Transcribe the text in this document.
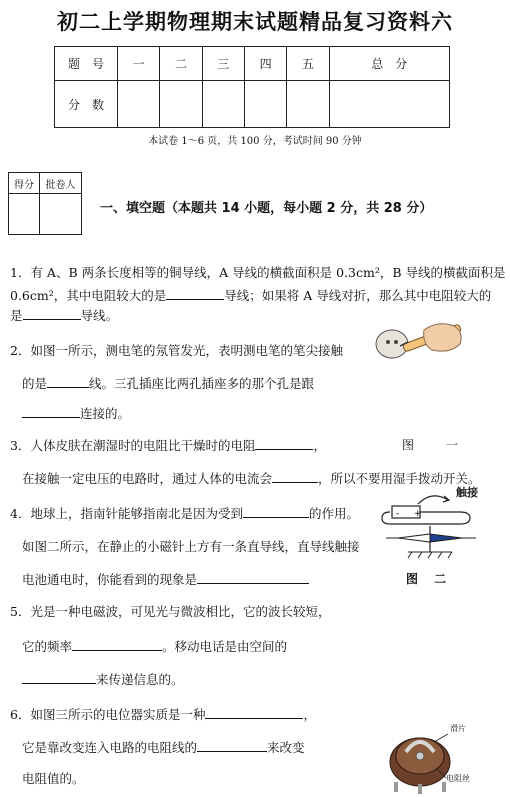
初二上学期物理期末试题精品复习资料六
题　号	一	二	三	四	五	总　分
分　数						
本试卷 1～6 页，共 100 分，考试时间 90 分钟
得分	批卷人

一、填空题（本题共 14 小题，每小题 2 分，共 28 分）
1．有 A、B 两条长度相等的铜导线，A 导线的横截面积是 0.3cm²，B 导线的横截面积是
0.6cm²，其中电阻较大的是	导线；如果将 A 导线对折，那么其中电阻较大的
是	导线。
2．如图一所示，测电笔的氖管发光，表明测电笔的笔尖接触
的是	线。三孔插座比两孔插座多的那个孔是跟
连接的。
图　一
3．人体皮肤在潮湿时的电阻比干燥时的电阻	，
在接触一定电压的电路时，通过人体的电流会	，所以不要用湿手拨动开关。
4．地球上，指南针能够指南北是因为受到	的作用。
如图二所示，在静止的小磁针上方有一条直导线，直导线触接
电池通电时，你能看到的现象是
- +
触接
图 二
5．光是一种电磁波，可见光与微波相比，它的波长较短，
它的频率	。移动电话是由空间的
来传递信息的。
6．如图三所示的电位器实质是一种	，
它是靠改变连入电路的电阻线的	来改变
电阻值的。
滑片
电阻丝
